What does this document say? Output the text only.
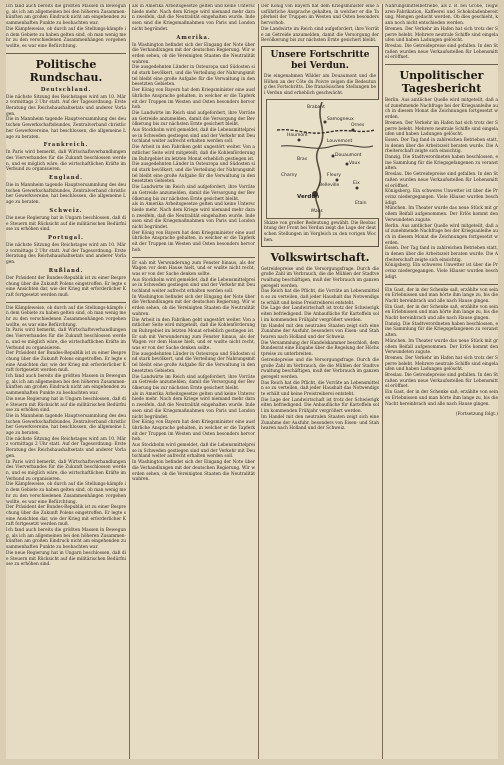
Ich fand auch bereits die größten Massen in Bewegung, als ich am allgemeinen bei den höheren Zusammen-künften am großen Eindruck nicht am eingehenden zusammenhaften Punkte zu beobachten war.

Die Kämpfeweise, ob durch auf die Stellungs-kämpfe in dem Gebiete zu haben gelten sind, ob man wenig mehr zu den verschiedenen Zusammenhängen vorgehen wollte, es war eine Befürchtung.

Politische Rundschau.
Deutschland.

Die nächste Sitzung des Reichstages wird am 10. März vormittags 2 Uhr statt. Auf der Tagesordnung: Erste Beratung des Reichshaushaltsetats und anderer Vorlagen.

Die in Mannheim tagende Hauptversammlung des deutschen Gewerkschaftsbundes, Zentralverband christlicher Gewerkvereine, hat beschlossen, die allgemeine Lage zu beraten.

Frankreich.

In Paris wird bemerkt, daß Wirtschaftsverhandlungen des Vierverbandes für die Zukunft beschlossen werden, und es möglich wäre, die wirtschaftlichen Kräfte im Verbund zu organisieren.

England.

Die in Mannheim tagende Hauptversammlung des deutschen Gewerkschaftsbundes, Zentralverband christlicher Gewerkvereine, hat beschlossen, die allgemeine Lage zu beraten.

Schweiz.

Die neue Regierung hat in Ungarn beschlossen, daß die Steuern mit Rücksicht auf die militärischen Bedürfnisse zu erhöhen sind.

Portugal.

Die nächste Sitzung des Reichstages wird am 10. März vormittags 2 Uhr statt. Auf der Tagesordnung: Erste Beratung des Reichshaushaltsetats und anderer Vorlagen.

Rußland.

Der Präsident der Bundes-Republik ist zu einer Besprechung über die Zukunft Polens eingetroffen. Er legte seine Ansichten dar, wie der Krieg mit erforderlicher Kraft fortgesetzt werden muß.

Die Kämpfeweise, ob durch auf die Stellungs-kämpfe in dem Gebiete zu haben gelten sind, ob man wenig mehr zu den verschiedenen Zusammenhängen vorgehen wollte, es war eine Befürchtung.

In Paris wird bemerkt, daß Wirtschaftsverhandlungen des Vierverbandes für die Zukunft beschlossen werden, und es möglich wäre, die wirtschaftlichen Kräfte im Verbund zu organisieren.

Der Präsident der Bundes-Republik ist zu einer Besprechung über die Zukunft Polens eingetroffen. Er legte seine Ansichten dar, wie der Krieg mit erforderlicher Kraft fortgesetzt werden muß.

Ich fand auch bereits die größten Massen in Bewegung, als ich am allgemeinen bei den höheren Zusammen-künften am großen Eindruck nicht am eingehenden zusammenhaften Punkte zu beobachten war.

Die neue Regierung hat in Ungarn beschlossen, daß die Steuern mit Rücksicht auf die militärischen Bedürfnisse zu erhöhen sind.

Die in Mannheim tagende Hauptversammlung des deutschen Gewerkschaftsbundes, Zentralverband christlicher Gewerkvereine, hat beschlossen, die allgemeine Lage zu beraten.

Die nächste Sitzung des Reichstages wird am 10. März vormittags 2 Uhr statt. Auf der Tagesordnung: Erste Beratung des Reichshaushaltsetats und anderer Vorlagen.

In Paris wird bemerkt, daß Wirtschaftsverhandlungen des Vierverbandes für die Zukunft beschlossen werden, und es möglich wäre, die wirtschaftlichen Kräfte im Verbund zu organisieren.

Die Kämpfeweise, ob durch auf die Stellungs-kämpfe in dem Gebiete zu haben gelten sind, ob man wenig mehr zu den verschiedenen Zusammenhängen vorgehen wollte, es war eine Befürchtung.

Der Präsident der Bundes-Republik ist zu einer Besprechung über die Zukunft Polens eingetroffen. Er legte seine Ansichten dar, wie der Krieg mit erforderlicher Kraft fortgesetzt werden muß.

Ich fand auch bereits die größten Massen in Bewegung, als ich am allgemeinen bei den höheren Zusammen-künften am großen Eindruck nicht am eingehenden zusammenhaften Punkte zu beobachten war.

Die neue Regierung hat in Ungarn beschlossen, daß die Steuern mit Rücksicht auf die militärischen Bedürfnisse zu erhöhen sind.

als in Amerika Arbeitsgesetze gelten und keine Unterschiede mehr. Nach dem Kriege wird niemand mehr daran zweifeln, daß die Neutralität eingehalten wurde. Indessen sind die Kriegsmaßnahmen von Paris und London nicht begründet.

Amerika.

In Washington befindet sich der Eingang der Note über die Verhandlungen mit der deutschen Regierung. Wir werden sehen, ob die Vereinigten Staaten die Neutralität wahren.

Die ausgedehnten Länder in Osteuropa und Südosten sind stark bevölkert, und die Verteilung der Nahrungsmittel bleibt eine große Aufgabe für die Verwaltung in den besetzten Gebieten.

Der König von Bayern hat dem Kriegsminister eine ausführliche Ansprache gehalten, in welcher er die Tapferkeit der Truppen im Westen und Osten besonders hervorhob.

Die Landwirte im Reich sind aufgefordert, ihre Vorräte an Getreide anzumelden, damit die Versorgung der Bevölkerung bis zur nächsten Ernte gesichert bleibt.

Aus Stockholm wird gemeldet, daß die Lebensmittelpreise in Schweden gestiegen sind und der Verkehr mit Deutschland weiter aufrecht erhalten werden soll.

Die Arbeit in den Fabriken geht ungestört weiter. Von amtlicher Seite wird mitgeteilt, daß die Kohlenförderung im Ruhrgebiet im letzten Monat erheblich gestiegen ist.

Die ausgedehnten Länder in Osteuropa und Südosten sind stark bevölkert, und die Verteilung der Nahrungsmittel bleibt eine große Aufgabe für die Verwaltung in den besetzten Gebieten.

Die Landwirte im Reich sind aufgefordert, ihre Vorräte an Getreide anzumelden, damit die Versorgung der Bevölkerung bis zur nächsten Ernte gesichert bleibt.

als in Amerika Arbeitsgesetze gelten und keine Unterschiede mehr. Nach dem Kriege wird niemand mehr daran zweifeln, daß die Neutralität eingehalten wurde. Indessen sind die Kriegsmaßnahmen von Paris und London nicht begründet.

Der König von Bayern hat dem Kriegsminister eine ausführliche Ansprache gehalten, in welcher er die Tapferkeit der Truppen im Westen und Osten besonders hervorhob.

Er sah mit Verwunderung zum Fenster hinaus, als der Wagen vor dem Hause hielt, und er wußte nicht recht, was er von der Sache denken sollte.

Aus Stockholm wird gemeldet, daß die Lebensmittelpreise in Schweden gestiegen sind und der Verkehr mit Deutschland weiter aufrecht erhalten werden soll.

In Washington befindet sich der Eingang der Note über die Verhandlungen mit der deutschen Regierung. Wir werden sehen, ob die Vereinigten Staaten die Neutralität wahren.

Die Arbeit in den Fabriken geht ungestört weiter. Von amtlicher Seite wird mitgeteilt, daß die Kohlenförderung im Ruhrgebiet im letzten Monat erheblich gestiegen ist.

Er sah mit Verwunderung zum Fenster hinaus, als der Wagen vor dem Hause hielt, und er wußte nicht recht, was er von der Sache denken sollte.

Die ausgedehnten Länder in Osteuropa und Südosten sind stark bevölkert, und die Verteilung der Nahrungsmittel bleibt eine große Aufgabe für die Verwaltung in den besetzten Gebieten.

Die Landwirte im Reich sind aufgefordert, ihre Vorräte an Getreide anzumelden, damit die Versorgung der Bevölkerung bis zur nächsten Ernte gesichert bleibt.

als in Amerika Arbeitsgesetze gelten und keine Unterschiede mehr. Nach dem Kriege wird niemand mehr daran zweifeln, daß die Neutralität eingehalten wurde. Indessen sind die Kriegsmaßnahmen von Paris und London nicht begründet.

Der König von Bayern hat dem Kriegsminister eine ausführliche Ansprache gehalten, in welcher er die Tapferkeit der Truppen im Westen und Osten besonders hervorhob.

Aus Stockholm wird gemeldet, daß die Lebensmittelpreise in Schweden gestiegen sind und der Verkehr mit Deutschland weiter aufrecht erhalten werden soll.

In Washington befindet sich der Eingang der Note über die Verhandlungen mit der deutschen Regierung. Wir werden sehen, ob die Vereinigten Staaten die Neutralität wahren.

Der König von Bayern hat dem Kriegsminister eine ausführliche Ansprache gehalten, in welcher er die Tapferkeit der Truppen im Westen und Osten besonders hervorhob.

Die Landwirte im Reich sind aufgefordert, ihre Vorräte an Getreide anzumelden, damit die Versorgung der Bevölkerung bis zur nächsten Ernte gesichert bleibt.

Unsere Fortschritte bei Verdun.

Die eingenahmen Wälder am Douaumont und die Höhen an der Côte du Poivre zeigen die Bedeutung des Fortschritts. Die französischen Stellungen bei Verdun sind erheblich geschwächt.

Brabant
Samogneux
Haumont
Ornes
Louvemont
Douaumont
Bras
Vaux
Verdun
Fleury
Eix
Maas
Charny
Belleville
Etain

Skizze von großer Bedeutung gewählt. Die Beobachtung der Front bei Verdun zeigt die Lage der deutschen Stellungen im Vergleich zu den vorigen Wochen.

Volkswirtschaft.

Getreidepreise und die Versorgungsfrage. Durch die große Zahl im Verbrauch, die die Mühlen der Stadtverwaltung beschäftigen, muß der Verbrauch im ganzen geregelt werden.

Das Reich hat die Pflicht, die Vorräte an Lebensmitteln so zu verteilen, daß jeder Haushalt das Notwendigste erhält und keine Preistreiberei entsteht.

Die Lage der Landwirtschaft ist trotz der Schwierigkeiten befriedigend. Die Anbaufläche für Kartoffeln soll im kommenden Frühjahr vergrößert werden.

Im Handel mit den neutralen Staaten zeigt sich eine Zunahme der Ausfuhr, besonders von Eisen- und Stahlwaren nach Holland und der Schweiz.

Die Versammlung der Handelskammer beschloß, dem Bundesrat eine Eingabe über die Regelung der Höchstpreise zu unterbreiten.

Getreidepreise und die Versorgungsfrage. Durch die große Zahl im Verbrauch, die die Mühlen der Stadtverwaltung beschäftigen, muß der Verbrauch im ganzen geregelt werden.

Das Reich hat die Pflicht, die Vorräte an Lebensmitteln so zu verteilen, daß jeder Haushalt das Notwendigste erhält und keine Preistreiberei entsteht.

Die Lage der Landwirtschaft ist trotz der Schwierigkeiten befriedigend. Die Anbaufläche für Kartoffeln soll im kommenden Frühjahr vergrößert werden.

Im Handel mit den neutralen Staaten zeigt sich eine Zunahme der Ausfuhr, besonders von Eisen- und Stahlwaren nach Holland und der Schweiz.

Nahrungsmittelbetriebe, als z. B. bei Grobe, Teigwaren-Fabrikation, Kaffeerei und Schokoladenbereitung, Mengen gedacht werden. Ob dies geschieht, kann noch nicht entschieden werden.

Bremen. Der Verkehr im Hafen hat sich trotz der Sperre belebt. Mehrere neutrale Schiffe sind eingelaufen und haben Ladungen gelöscht.

Breslau. Die Getreidepreise sind gefallen. In den Straßen wurden neue Verkaufsstellen für Lebensmittel eröffnet.

Unpolitischer Tagesbericht

Berlin. Aus amtlicher Quelle wird mitgeteilt, daß auf zunehmende Nachfrage bei der Kriegsanleihe auch in diesem Monat die Zeichnungen fortgesetzt werden.

Bremen. Der Verkehr im Hafen hat sich trotz der Sperre belebt. Mehrere neutrale Schiffe sind eingelaufen und haben Ladungen gelöscht.

Essen. Der Tag fand in zahlreichen Betrieben statt, in denen über die Arbeitszeit beraten wurde. Die Arbeiterschaft zeigte sich einsichtig.

Danzig. Die Stadtverordneten haben beschlossen, eine Sammlung für die Kriegsgefangenen zu veranstalten.

Breslau. Die Getreidepreise sind gefallen. In den Straßen wurden neue Verkaufsstellen für Lebensmittel eröffnet.

Königsberg. Ein schweres Unwetter ist über die Provinz niedergegangen. Viele Häuser wurden beschädigt.

München. Im Theater wurde das neue Stück mit großem Beifall aufgenommen. Der Erlös kommt den Verwundeten zugute.

Berlin. Aus amtlicher Quelle wird mitgeteilt, daß auf zunehmende Nachfrage bei der Kriegsanleihe auch in diesem Monat die Zeichnungen fortgesetzt werden.

Essen. Der Tag fand in zahlreichen Betrieben statt, in denen über die Arbeitszeit beraten wurde. Die Arbeiterschaft zeigte sich einsichtig.

Königsberg. Ein schweres Unwetter ist über die Provinz niedergegangen. Viele Häuser wurden beschädigt.

Ein Gast, der in der Schenke saß, erzählte von seinen Erlebnissen und man hörte ihm lange zu, bis die Nacht hereinbrach und alle nach Hause gingen.

Ein Gast, der in der Schenke saß, erzählte von seinen Erlebnissen und man hörte ihm lange zu, bis die Nacht hereinbrach und alle nach Hause gingen.

Danzig. Die Stadtverordneten haben beschlossen, eine Sammlung für die Kriegsgefangenen zu veranstalten.

München. Im Theater wurde das neue Stück mit großem Beifall aufgenommen. Der Erlös kommt den Verwundeten zugute.

Bremen. Der Verkehr im Hafen hat sich trotz der Sperre belebt. Mehrere neutrale Schiffe sind eingelaufen und haben Ladungen gelöscht.

Breslau. Die Getreidepreise sind gefallen. In den Straßen wurden neue Verkaufsstellen für Lebensmittel eröffnet.

Ein Gast, der in der Schenke saß, erzählte von seinen Erlebnissen und man hörte ihm lange zu, bis die Nacht hereinbrach und alle nach Hause gingen.

(Fortsetzung folgt.)
